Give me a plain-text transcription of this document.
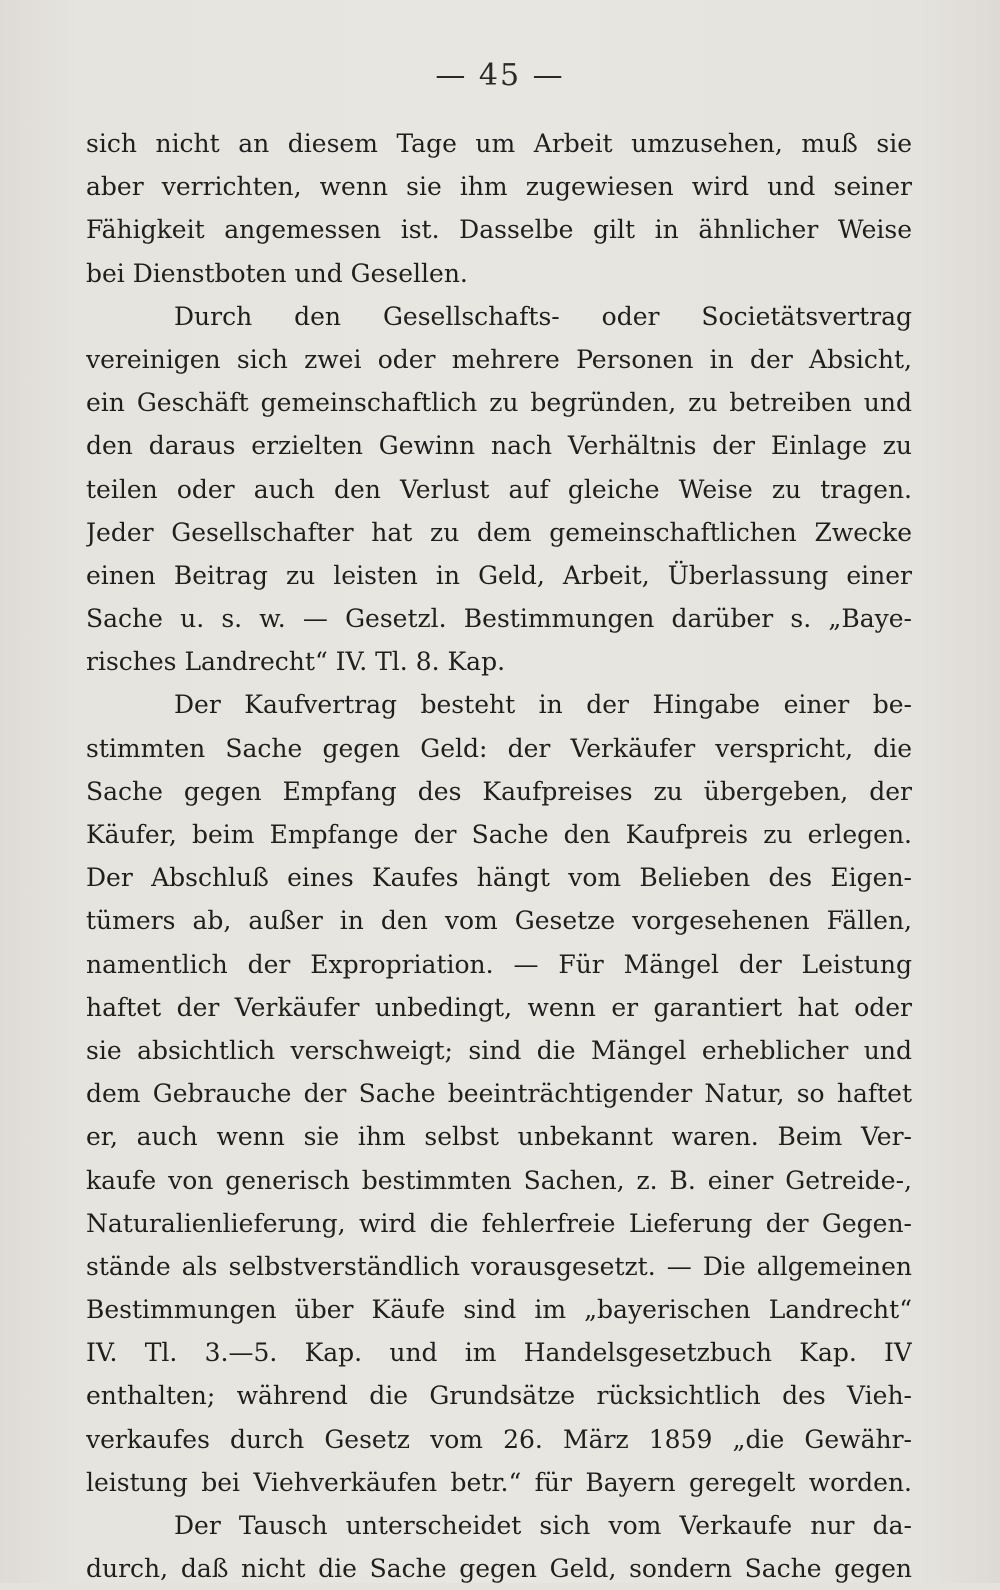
— 45 —
sich nicht an diesem Tage um Arbeit umzusehen, muß sie
aber verrichten, wenn sie ihm zugewiesen wird und seiner
Fähigkeit angemessen ist. Dasselbe gilt in ähnlicher Weise
bei Dienstboten und Gesellen.
Durch den Gesellschafts- oder Societätsvertrag
vereinigen sich zwei oder mehrere Personen in der Absicht,
ein Geschäft gemeinschaftlich zu begründen, zu betreiben und
den daraus erzielten Gewinn nach Verhältnis der Einlage zu
teilen oder auch den Verlust auf gleiche Weise zu tragen.
Jeder Gesellschafter hat zu dem gemeinschaftlichen Zwecke
einen Beitrag zu leisten in Geld, Arbeit, Überlassung einer
Sache u. s. w. — Gesetzl. Bestimmungen darüber s. „Baye-
risches Landrecht“ IV. Tl. 8. Kap.
Der Kaufvertrag besteht in der Hingabe einer be-
stimmten Sache gegen Geld: der Verkäufer verspricht, die
Sache gegen Empfang des Kaufpreises zu übergeben, der
Käufer, beim Empfange der Sache den Kaufpreis zu erlegen.
Der Abschluß eines Kaufes hängt vom Belieben des Eigen-
tümers ab, außer in den vom Gesetze vorgesehenen Fällen,
namentlich der Expropriation. — Für Mängel der Leistung
haftet der Verkäufer unbedingt, wenn er garantiert hat oder
sie absichtlich verschweigt; sind die Mängel erheblicher und
dem Gebrauche der Sache beeinträchtigender Natur, so haftet
er, auch wenn sie ihm selbst unbekannt waren. Beim Ver-
kaufe von generisch bestimmten Sachen, z. B. einer Getreide-,
Naturalienlieferung, wird die fehlerfreie Lieferung der Gegen-
stände als selbstverständlich vorausgesetzt. — Die allgemeinen
Bestimmungen über Käufe sind im „bayerischen Landrecht“
IV. Tl. 3.—5. Kap. und im Handelsgesetzbuch Kap. IV
enthalten; während die Grundsätze rücksichtlich des Vieh-
verkaufes durch Gesetz vom 26. März 1859 „die Gewähr-
leistung bei Viehverkäufen betr.“ für Bayern geregelt worden.
Der Tausch unterscheidet sich vom Verkaufe nur da-
durch, daß nicht die Sache gegen Geld, sondern Sache gegen
